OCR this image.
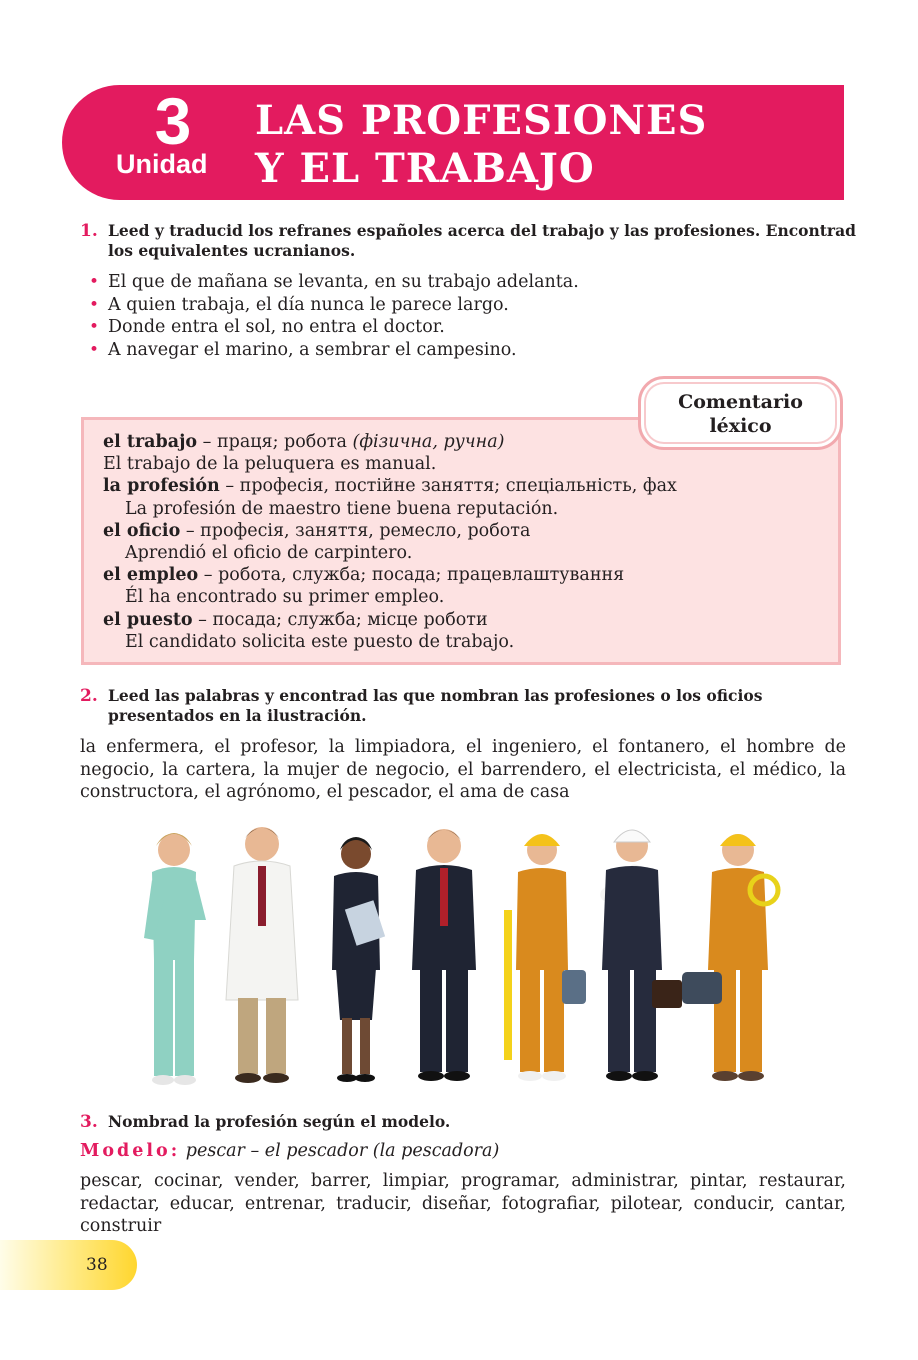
3
Unidad
LAS PROFESIONES
Y EL TRABAJO
1. Leed y traducid los refranes españoles acerca del trabajo y las profesiones. Encontrad los equivalentes ucranianos.
• El que de mañana se levanta, en su trabajo adelanta.
• A quien trabaja, el día nunca le parece largo.
• Donde entra el sol, no entra el doctor.
• A navegar el marino, a sembrar el campesino.
el trabajo – праця; робота (фізична, ручна)
El trabajo de la peluquera es manual.
la profesión – професія, постійне заняття; спеціальність, фах
La profesión de maestro tiene buena reputación.
el oficio – професія, заняття, ремесло, робота
Aprendió el oficio de carpintero.
el empleo – робота, служба; посада; працевлаштування
Él ha encontrado su primer empleo.
el puesto – посада; служба; місце роботи
El candidato solicita este puesto de trabajo.
Comentario
léxico
2. Leed las palabras y encontrad las que nombran las profesiones o los oficios presentados en la ilustración.
la enfermera, el profesor, la limpiadora, el ingeniero, el fontanero, el hombre de negocio, la cartera, la mujer de negocio, el barrendero, el electricista, el médico, la constructora, el agrónomo, el pescador, el ama de casa
3. Nombrad la profesión según el modelo.
Modelo: pescar – el pescador (la pescadora)
pescar, cocinar, vender, barrer, limpiar, programar, administrar, pintar, restaurar, redactar, educar, entrenar, traducir, diseñar, fotografiar, pilotear, conducir, cantar, construir
38
